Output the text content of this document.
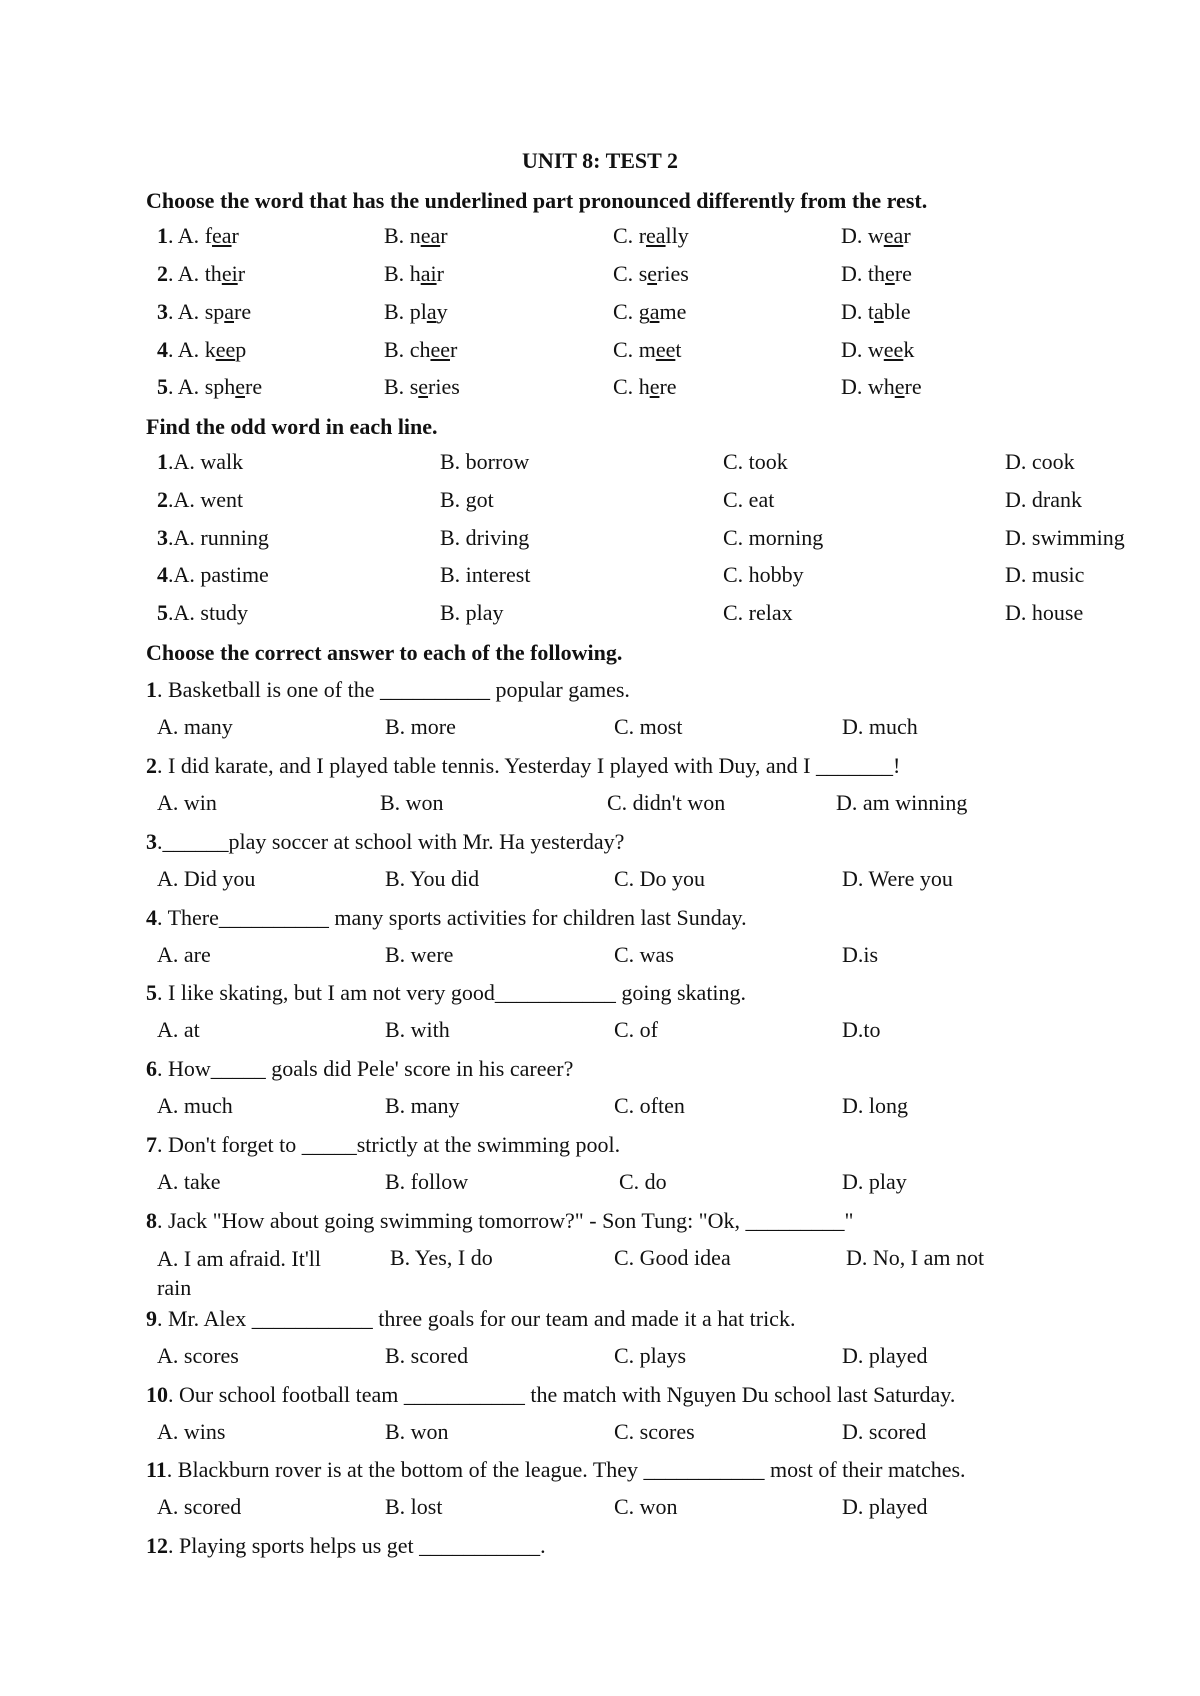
UNIT 8: TEST 2
Choose the word that has the underlined part pronounced differently from the rest.
1. A. fear	B. near	C. really	D. wear
2. A. their	B. hair	C. series	D. there
3. A. spare	B. play	C. game	D. table
4. A. keep	B. cheer	C. meet	D. week
5. A. sphere	B. series	C. here	D. where
Find the odd word in each line.
1.A. walk	B. borrow	C. took	D. cook
2.A. went	B. got	C. eat	D. drank
3.A. running	B. driving	C. morning	D. swimming
4.A. pastime	B. interest	C. hobby	D. music
5.A. study	B. play	C. relax	D. house
Choose the correct answer to each of the following.
1. Basketball is one of the __________ popular games.
A. many	B. more	C. most	D. much
2. I did karate, and I played table tennis. Yesterday I played with Duy, and I _______!
A. win	B. won	C. didn't won	D. am winning
3.______play soccer at school with Mr. Ha yesterday?
A. Did you	B. You did	C. Do you	D. Were you
4. There__________ many sports activities for children last Sunday.
A. are	B. were	C. was	D.is
5. I like skating, but I am not very good___________ going skating.
A. at	B. with	C. of	D.to
6. How_____ goals did Pele' score in his career?
A. much	B. many	C. often	D. long
7. Don't forget to _____strictly at the swimming pool.
A. take	B. follow	C. do	D. play
8. Jack "How about going swimming tomorrow?" - Son Tung: "Ok, _________"
A. I am afraid. It'll rain
B. Yes, I do	C. Good idea	D. No, I am not
9. Mr. Alex ___________ three goals for our team and made it a hat trick.
A. scores	B. scored	C. plays	D. played
10. Our school football team ___________ the match with Nguyen Du school last Saturday.
A. wins	B. won	C. scores	D. scored
11. Blackburn rover is at the bottom of the league. They ___________ most of their matches.
A. scored	B. lost	C. won	D. played
12. Playing sports helps us get ___________.
